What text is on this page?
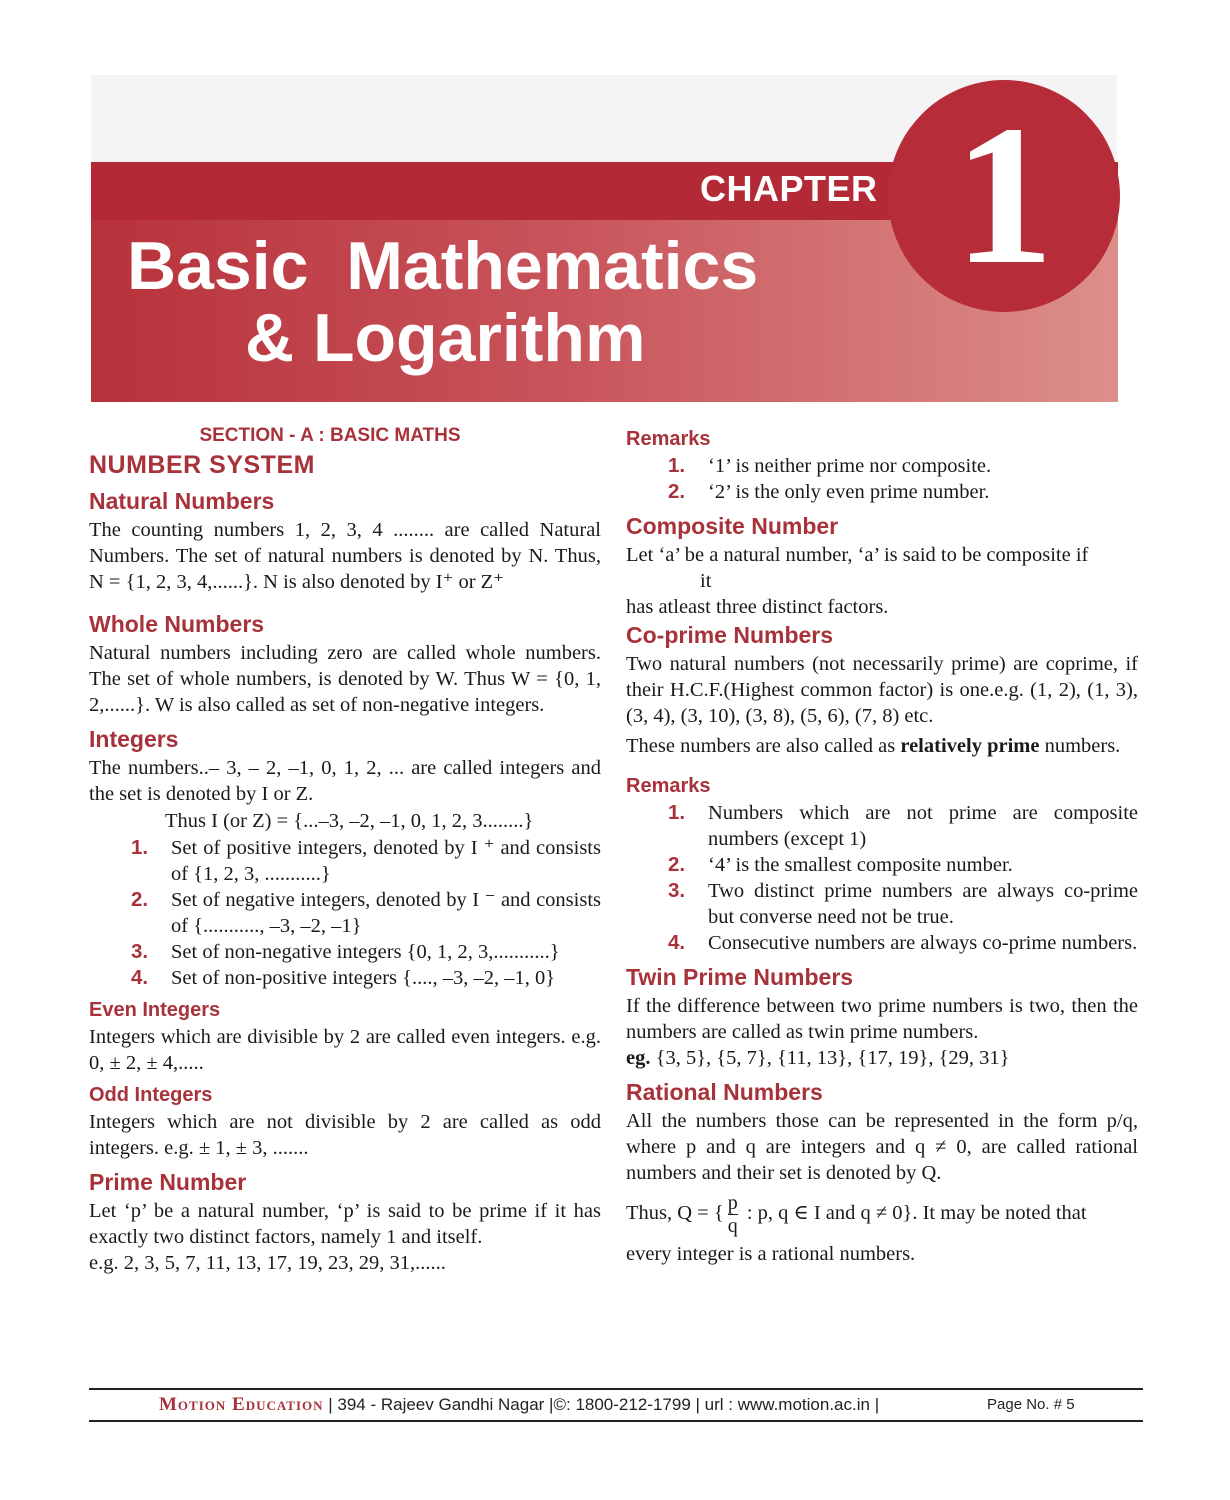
CHAPTER
Basic  Mathematics
& Logarithm
1
SECTION - A : BASIC MATHS
NUMBER SYSTEM
Natural Numbers

The counting numbers 1, 2, 3, 4 ........ are called Natural Numbers. The set of natural numbers is denoted by N. Thus, N = {1, 2, 3, 4,......}. N is also denoted by I⁺ or Z⁺

Whole Numbers

Natural numbers including zero are called whole numbers. The set of whole numbers, is denoted by W. Thus W = {0, 1, 2,......}. W is also called as set of non-negative integers.

Integers

The numbers..– 3, – 2, –1, 0, 1, 2, ... are called integers and the set is denoted by I or Z.

Thus I (or Z) = {...–3, –2, –1, 0, 1, 2, 3........}
1.	Set of positive integers, denoted by I ⁺ and consists of {1, 2, 3, ...........}
2.	Set of negative integers, denoted by I ⁻ and consists of {..........., –3, –2, –1}
3.	Set of non-negative integers {0, 1, 2, 3,...........}
4.	Set of non-positive integers {...., –3, –2, –1, 0}
Even Integers

Integers which are divisible by 2 are called even integers. e.g. 0, ± 2, ± 4,.....

Odd Integers

Integers which are not divisible by 2 are called as odd integers. e.g. ± 1, ± 3, .......

Prime Number

Let ‘p’ be a natural number, ‘p’ is said to be prime if it has exactly two distinct factors, namely 1 and itself.

e.g. 2, 3, 5, 7, 11, 13, 17, 19, 23, 29, 31,......

Remarks
1.	‘1’ is neither prime nor composite.
2.	‘2’ is the only even prime number.
Composite Number

Let ‘a’ be a natural number, ‘a’ is said to be composite if

it

has atleast three distinct factors.

Co-prime Numbers

Two natural numbers (not necessarily prime) are coprime, if their H.C.F.(Highest common factor) is one.e.g. (1, 2), (1, 3), (3, 4), (3, 10), (3, 8), (5, 6), (7, 8) etc.

These numbers are also called as relatively prime numbers.

Remarks
1.	Numbers which are not prime are composite numbers (except 1)
2.	‘4’ is the smallest composite number.
3.	Two distinct prime numbers are always co-prime but converse need not be true.
4.	Consecutive numbers are always co-prime numbers.
Twin Prime Numbers

If the difference between two prime numbers is two, then the numbers are called as twin prime numbers.

eg. {3, 5}, {5, 7}, {11, 13}, {17, 19}, {29, 31}

Rational Numbers

All the numbers those can be represented in the form p/q, where p and q are integers and q ≠ 0, are called rational numbers and their set is denoted by Q.

Thus, Q = { $\frac{p}{q}$ : p, q ∈ I and q ≠ 0}. It may be noted that

every integer is a rational numbers.

Motion Education | 394 - Rajeev Gandhi Nagar |©: 1800-212-1799 | url : www.motion.ac.in |	Page No. # 5
